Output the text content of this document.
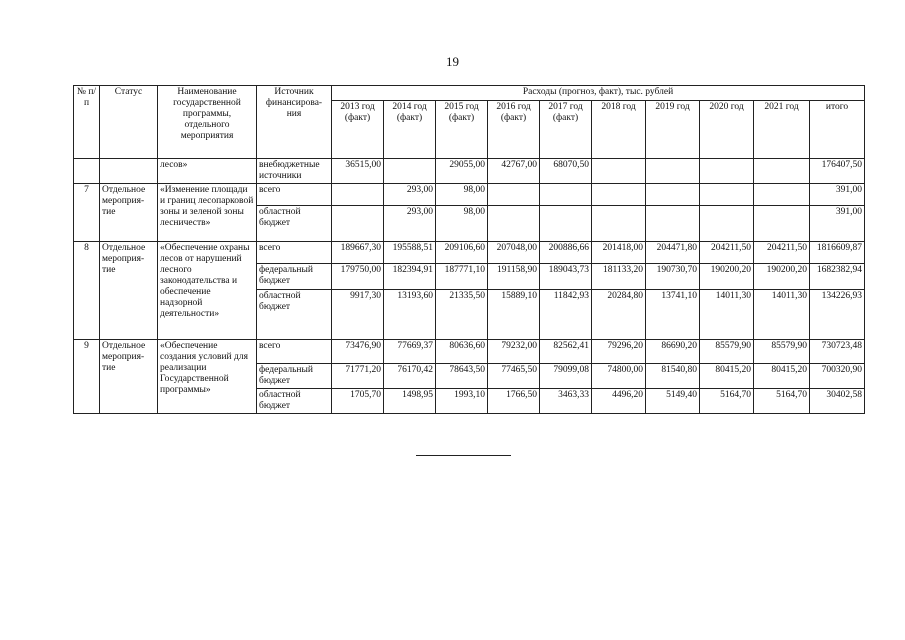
19
№ п/п	Статус	Наименование государственной программы, отдельного мероприятия	Источник финансирова-ния	Расходы (прогноз, факт), тыс. рублей									
				2013 год (факт)	2014 год (факт)	2015 год (факт)	2016 год (факт)	2017 год (факт)	2018 год	2019 год	2020 год	2021 год	итого
		лесов»	внебюджетные источники	36515,00		29055,00	42767,00	68070,50					176407,50
7	Отдельное мероприя-тие	«Изменение площади и границ лесопарковой зоны и зеленой зоны лесничеств»	всего		293,00	98,00							391,00
			областной бюджет		293,00	98,00							391,00
8	Отдельное мероприя-тие	«Обеспечение охраны лесов от нарушений лесного законодательства и обеспечение надзорной деятельности»	всего	189667,30	195588,51	209106,60	207048,00	200886,66	201418,00	204471,80	204211,50	204211,50	1816609,87
			федеральный бюджет	179750,00	182394,91	187771,10	191158,90	189043,73	181133,20	190730,70	190200,20	190200,20	1682382,94
			областной бюджет	9917,30	13193,60	21335,50	15889,10	11842,93	20284,80	13741,10	14011,30	14011,30	134226,93
9	Отдельное мероприя-тие	«Обеспечение создания условий для реализации Государственной программы»	всего	73476,90	77669,37	80636,60	79232,00	82562,41	79296,20	86690,20	85579,90	85579,90	730723,48
			федеральный бюджет	71771,20	76170,42	78643,50	77465,50	79099,08	74800,00	81540,80	80415,20	80415,20	700320,90
			областной бюджет	1705,70	1498,95	1993,10	1766,50	3463,33	4496,20	5149,40	5164,70	5164,70	30402,58
